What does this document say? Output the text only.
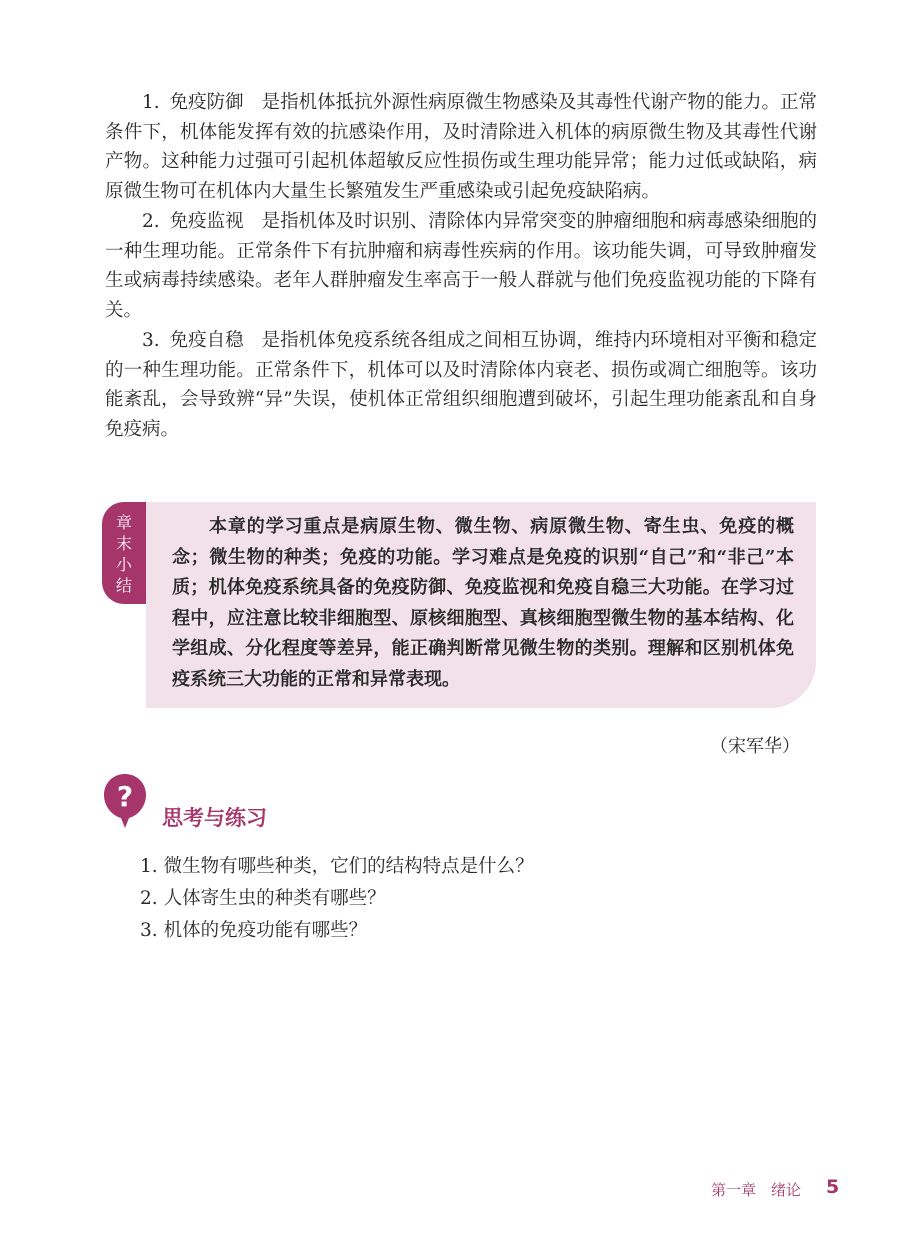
1. 免疫防御 是指机体抵抗外源性病原微生物感染及其毒性代谢产物的能力。正常条件下，机体能发挥有效的抗感染作用，及时清除进入机体的病原微生物及其毒性代谢产物。这种能力过强可引起机体超敏反应性损伤或生理功能异常；能力过低或缺陷，病原微生物可在机体内大量生长繁殖发生严重感染或引起免疫缺陷病。

2. 免疫监视 是指机体及时识别、清除体内异常突变的肿瘤细胞和病毒感染细胞的一种生理功能。正常条件下有抗肿瘤和病毒性疾病的作用。该功能失调，可导致肿瘤发生或病毒持续感染。老年人群肿瘤发生率高于一般人群就与他们免疫监视功能的下降有关。

3. 免疫自稳 是指机体免疫系统各组成之间相互协调，维持内环境相对平衡和稳定的一种生理功能。正常条件下，机体可以及时清除体内衰老、损伤或凋亡细胞等。该功能紊乱，会导致辨“异”失误，使机体正常组织细胞遭到破坏，引起生理功能紊乱和自身免疫病。

章
末
小
结

本章的学习重点是病原生物、微生物、病原微生物、寄生虫、免疫的概念；微生物的种类；免疫的功能。学习难点是免疫的识别“自己”和“非己”本质；机体免疫系统具备的免疫防御、免疫监视和免疫自稳三大功能。在学习过程中，应注意比较非细胞型、原核细胞型、真核细胞型微生物的基本结构、化学组成、分化程度等差异，能正确判断常见微生物的类别。理解和区别机体免疫系统三大功能的正常和异常表现。

（宋军华）
?
思考与练习

1. 微生物有哪些种类，它们的结构特点是什么？

2. 人体寄生虫的种类有哪些？

3. 机体的免疫功能有哪些？

第一章　绪论 5
